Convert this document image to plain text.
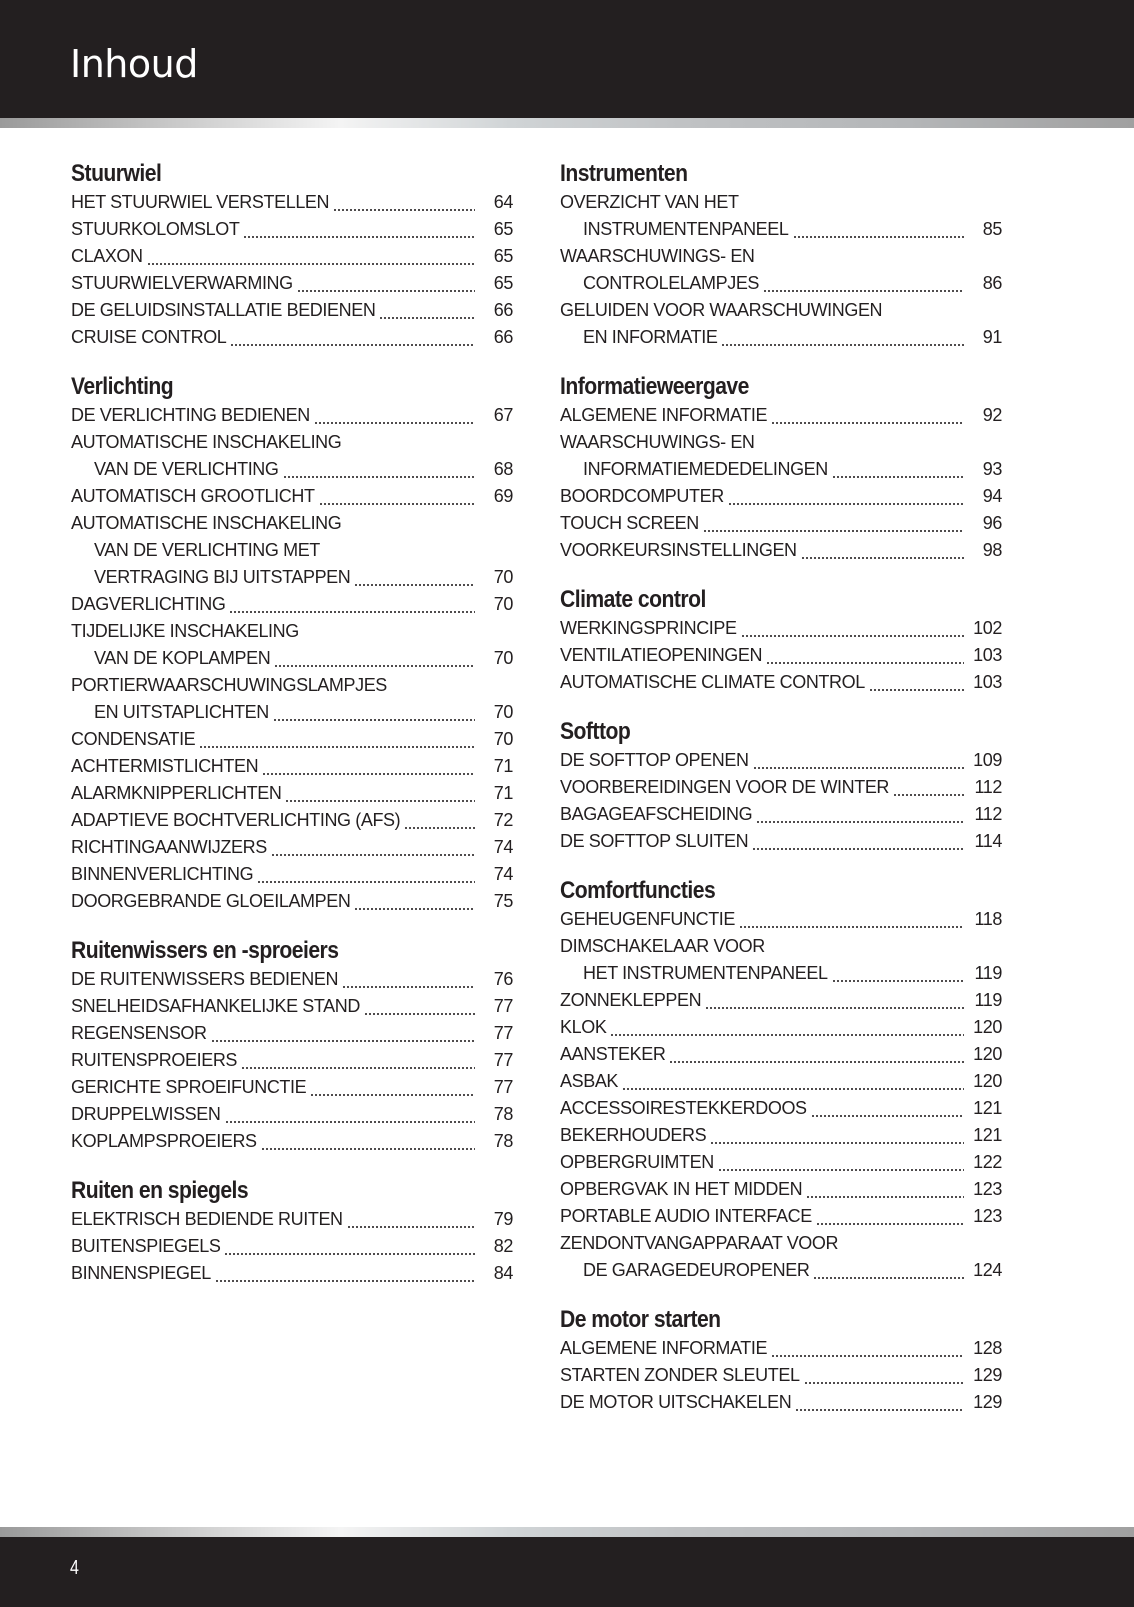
Inhoud
Stuurwiel
HET STUURWIEL VERSTELLEN	64
STUURKOLOMSLOT	65
CLAXON	65
STUURWIELVERWARMING	65
DE GELUIDSINSTALLATIE BEDIENEN	66
CRUISE CONTROL	66
Verlichting
DE VERLICHTING BEDIENEN	67
AUTOMATISCHE INSCHAKELING
VAN DE VERLICHTING	68
AUTOMATISCH GROOTLICHT	69
AUTOMATISCHE INSCHAKELING
VAN DE VERLICHTING MET
VERTRAGING BIJ UITSTAPPEN	70
DAGVERLICHTING	70
TIJDELIJKE INSCHAKELING
VAN DE KOPLAMPEN	70
PORTIERWAARSCHUWINGSLAMPJES
EN UITSTAPLICHTEN	70
CONDENSATIE	70
ACHTERMISTLICHTEN	71
ALARMKNIPPERLICHTEN	71
ADAPTIEVE BOCHTVERLICHTING (AFS)	72
RICHTINGAANWIJZERS	74
BINNENVERLICHTING	74
DOORGEBRANDE GLOEILAMPEN	75
Ruitenwissers en -sproeiers
DE RUITENWISSERS BEDIENEN	76
SNELHEIDSAFHANKELIJKE STAND	77
REGENSENSOR	77
RUITENSPROEIERS	77
GERICHTE SPROEIFUNCTIE	77
DRUPPELWISSEN	78
KOPLAMPSPROEIERS	78
Ruiten en spiegels
ELEKTRISCH BEDIENDE RUITEN	79
BUITENSPIEGELS	82
BINNENSPIEGEL	84
Instrumenten
OVERZICHT VAN HET
INSTRUMENTENPANEEL	85
WAARSCHUWINGS- EN
CONTROLELAMPJES	86
GELUIDEN VOOR WAARSCHUWINGEN
EN INFORMATIE	91
Informatieweergave
ALGEMENE INFORMATIE	92
WAARSCHUWINGS- EN
INFORMATIEMEDEDELINGEN	93
BOORDCOMPUTER	94
TOUCH SCREEN	96
VOORKEURSINSTELLINGEN	98
Climate control
WERKINGSPRINCIPE	102
VENTILATIEOPENINGEN	103
AUTOMATISCHE CLIMATE CONTROL	103
Softtop
DE SOFTTOP OPENEN	109
VOORBEREIDINGEN VOOR DE WINTER	112
BAGAGEAFSCHEIDING	112
DE SOFTTOP SLUITEN	114
Comfortfuncties
GEHEUGENFUNCTIE	118
DIMSCHAKELAAR VOOR
HET INSTRUMENTENPANEEL	119
ZONNEKLEPPEN	119
KLOK	120
AANSTEKER	120
ASBAK	120
ACCESSOIRESTEKKERDOOS	121
BEKERHOUDERS	121
OPBERGRUIMTEN	122
OPBERGVAK IN HET MIDDEN	123
PORTABLE AUDIO INTERFACE	123
ZENDONTVANGAPPARAAT VOOR
DE GARAGEDEUROPENER	124
De motor starten
ALGEMENE INFORMATIE	128
STARTEN ZONDER SLEUTEL	129
DE MOTOR UITSCHAKELEN	129
4
